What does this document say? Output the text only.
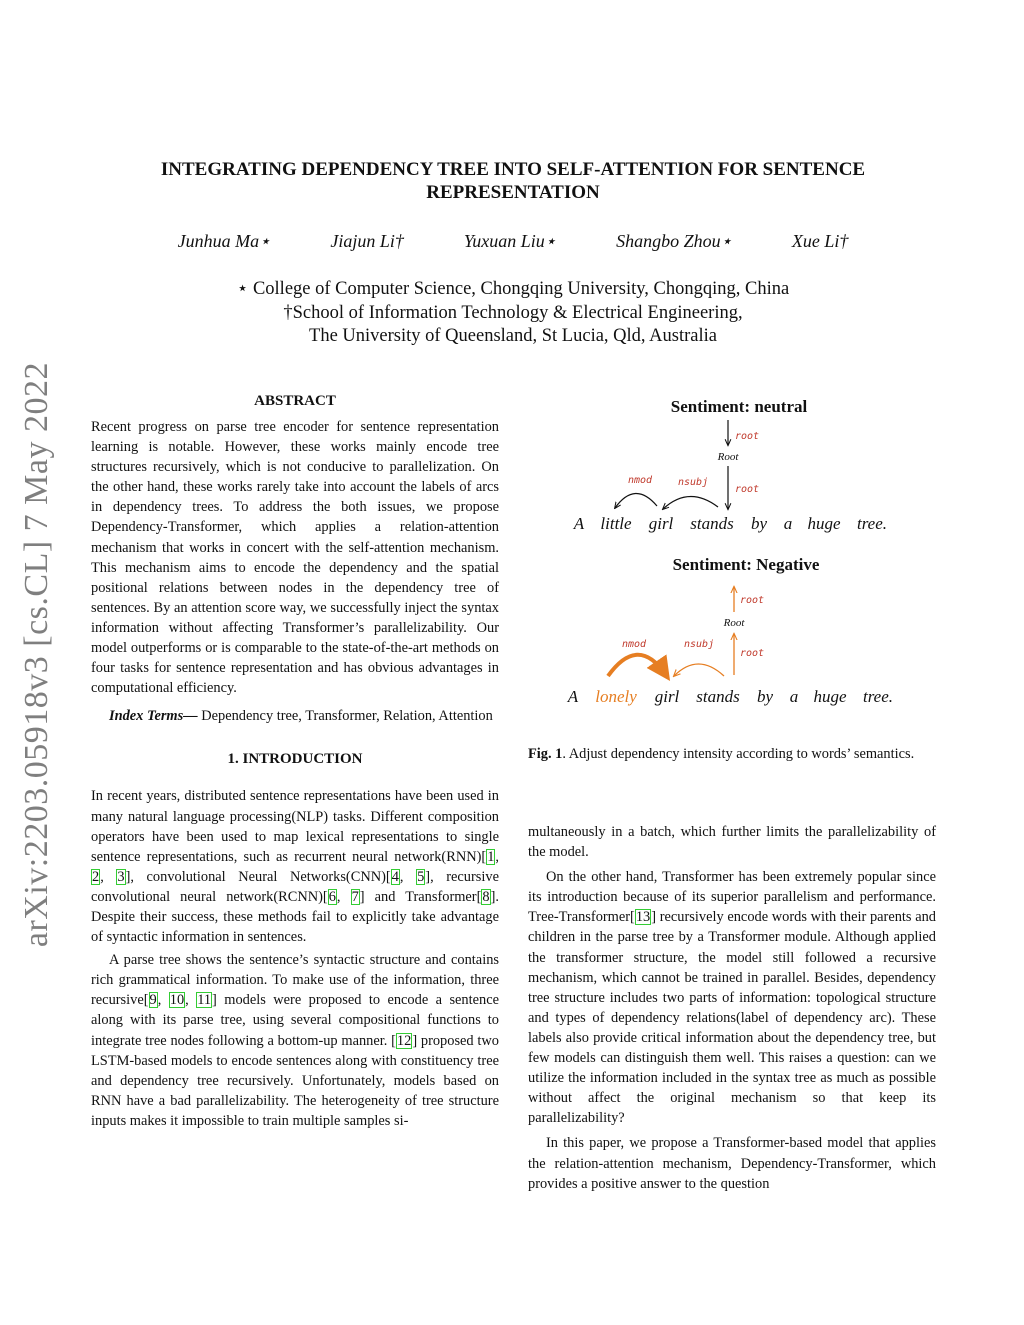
arXiv:2203.05918v3 [cs.CL] 7 May 2022
INTEGRATING DEPENDENCY TREE INTO SELF-ATTENTION FOR SENTENCE
REPRESENTATION
Junhua Ma⋆	Jiajun Li†	Yuxuan Liu⋆	Shangbo Zhou⋆	Xue Li†
⋆ College of Computer Science, Chongqing University, Chongqing, China
†School of Information Technology & Electrical Engineering,
The University of Queensland, St Lucia, Qld, Australia
ABSTRACT

Recent progress on parse tree encoder for sentence representation learning is notable. However, these works mainly encode tree structures recursively, which is not conducive to parallelization. On the other hand, these works rarely take into account the labels of arcs in dependency trees. To address the both issues, we propose Dependency-Transformer, which applies a relation-attention mechanism that works in concert with the self-attention mechanism. This mechanism aims to encode the dependency and the spatial positional relations between nodes in the dependency tree of sentences. By an attention score way, we successfully inject the syntax information without affecting Transformer’s parallelizability. Our model outperforms or is comparable to the state-of-the-art methods on four tasks for sentence representation and has obvious advantages in computational efficiency.

Index Terms— Dependency tree, Transformer, Relation, Attention

1. INTRODUCTION

In recent years, distributed sentence representations have been used in many natural language processing(NLP) tasks. Different composition operators have been used to map lexical representations to single sentence representations, such as recurrent neural network(RNN)[1, 2, 3], convolutional Neural Networks(CNN)[4, 5], recursive convolutional neural network(RCNN)[6, 7] and Transformer[8]. Despite their success, these methods fail to explicitly take advantage of syntactic information in sentences.

A parse tree shows the sentence’s syntactic structure and contains rich grammatical information. To make use of the information, three recursive[9, 10, 11] models were proposed to encode a sentence along with its parse tree, using several compositional functions to integrate tree nodes following a bottom-up manner. [12] proposed two LSTM-based models to encode sentences along with constituency tree and dependency tree recursively. Unfortunately, models based on RNN have a bad parallelizability. The heterogeneity of tree structure inputs makes it impossible to train multiple samples si-

Sentiment: neutral
root
Root
root
nmod	nsubj
A little girl stands by a huge tree.
Sentiment: Negative
root
Root
root
nmod	nsubj
A lonely girl stands by a huge tree.
Fig. 1. Adjust dependency intensity according to words’ semantics.

multaneously in a batch, which further limits the parallelizability of the model.

On the other hand, Transformer has been extremely popular since its introduction because of its superior parallelism and performance. Tree-Transformer[13] recursively encode words with their parents and children in the parse tree by a Transformer module. Although applied the transformer structure, the model still followed a recursive mechanism, which cannot be trained in parallel. Besides, dependency tree structure includes two parts of information: topological structure and types of dependency relations(label of dependency arc). These labels also provide critical information about the dependency tree, but few models can distinguish them well. This raises a question: can we utilize the information included in the syntax tree as much as possible without affect the original mechanism so that keep its parallelizability?

In this paper, we propose a Transformer-based model that applies the relation-attention mechanism, Dependency-Transformer, which provides a positive answer to the question
